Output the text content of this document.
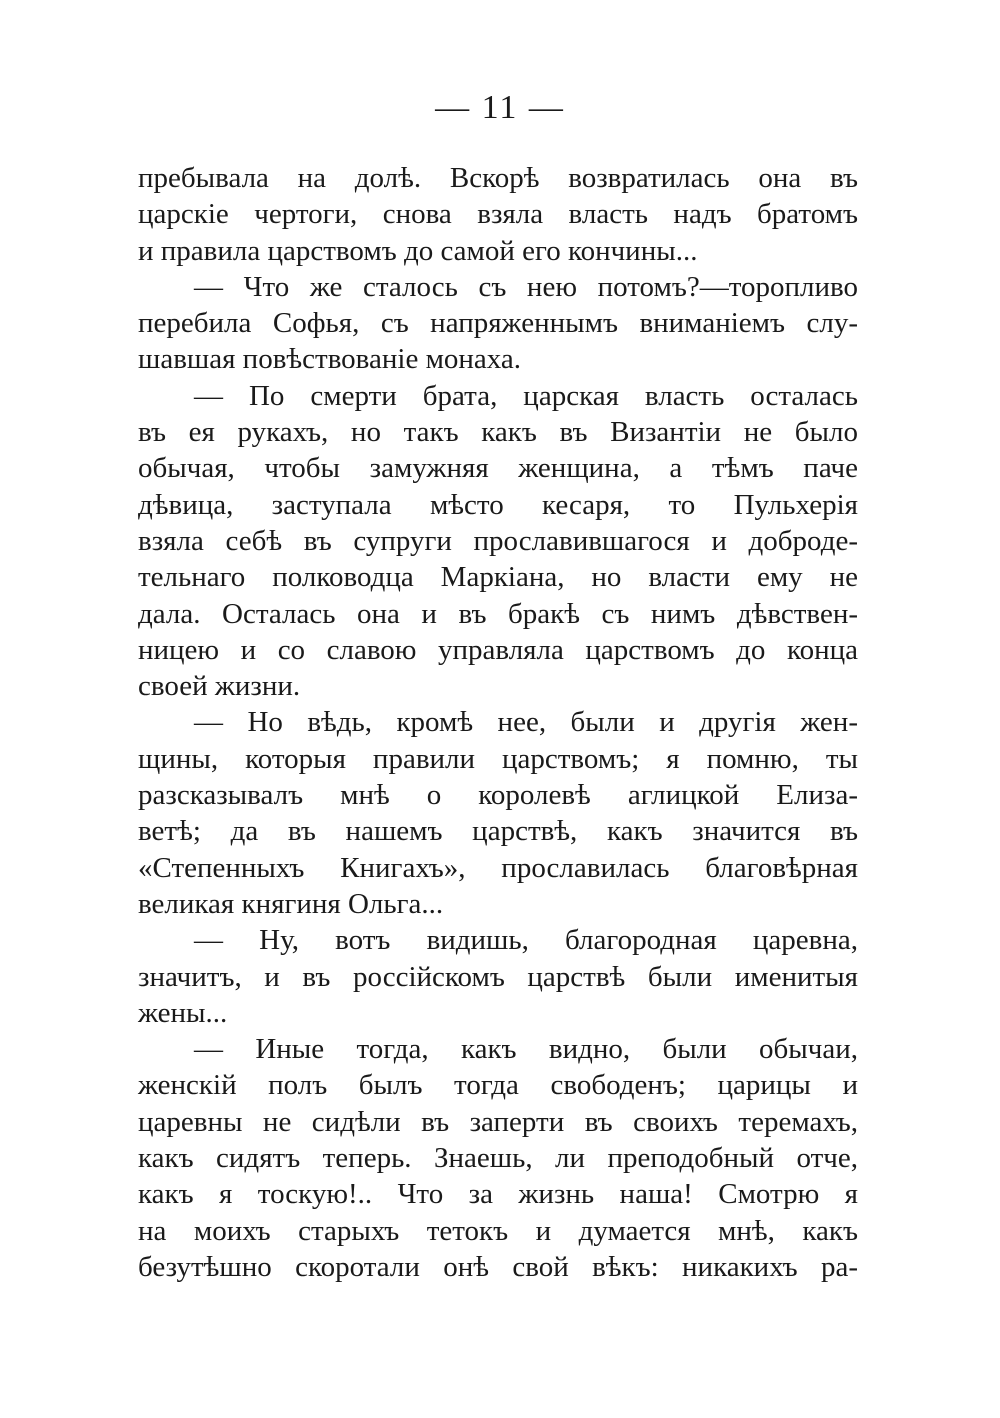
— 11 —
пребывала на долѣ. Вскорѣ возвратилась она въ
царскіе чертоги, снова взяла власть надъ братомъ
и правила царствомъ до самой его кончины...
— Что же сталось съ нею потомъ?—торопливо
перебила Софья, съ напряженнымъ вниманіемъ слу-
шавшая повѣствованіе монаха.
— По смерти брата, царская власть осталась
въ ея рукахъ, но такъ какъ въ Византіи не было
обычая, чтобы замужняя женщина, а тѣмъ паче
дѣвица, заступала мѣсто кесаря, то Пульхерія
взяла себѣ въ супруги прославившагося и доброде-
тельнаго полководца Маркіана, но власти ему не
дала. Осталась она и въ бракѣ съ нимъ дѣвствен-
ницею и со славою управляла царствомъ до конца
своей жизни.
— Но вѣдь, кромѣ нее, были и другія жен-
щины, которыя правили царствомъ; я помню, ты
разсказывалъ мнѣ о королевѣ аглицкой Елиза-
ветѣ; да въ нашемъ царствѣ, какъ значится въ
«Степенныхъ Книгахъ», прославилась благовѣрная
великая княгиня Ольга...
— Ну, вотъ видишь, благородная царевна,
значитъ, и въ россійскомъ царствѣ были именитыя
жены...
— Иные тогда, какъ видно, были обычаи,
женскій полъ былъ тогда свободенъ; царицы и
царевны не сидѣли въ заперти въ своихъ теремахъ,
какъ сидятъ теперь. Знаешь, ли преподобный отче,
какъ я тоскую!.. Что за жизнь наша! Смотрю я
на моихъ старыхъ тетокъ и думается мнѣ, какъ
безутѣшно скоротали онѣ свой вѣкъ: никакихъ ра-
